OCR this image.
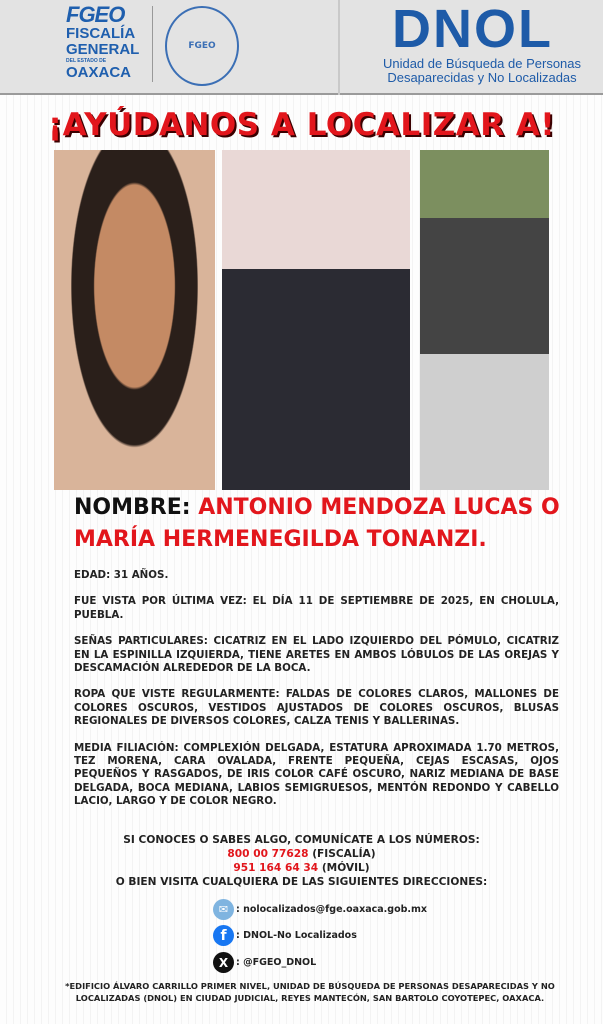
FGEO
FISCALÍA
GENERAL
DEL ESTADO DE
OAXACA
FGEO	DNOL
Unidad de Búsqueda de Personas
Desaparecidas y No Localizadas
¡AYÚDANOS A LOCALIZAR A!
NOMBRE: ANTONIO MENDOZA LUCAS O
MARÍA HERMENEGILDA TONANZI.

EDAD: 31 AÑOS.

FUE VISTA POR ÚLTIMA VEZ: EL DÍA 11 DE SEPTIEMBRE DE 2025, EN CHOLULA, PUEBLA.

SEÑAS PARTICULARES: CICATRIZ EN EL LADO IZQUIERDO DEL PÓMULO, CICATRIZ EN LA ESPINILLA IZQUIERDA, TIENE ARETES EN AMBOS LÓBULOS DE LAS OREJAS Y DESCAMACIÓN ALREDEDOR DE LA BOCA.

ROPA QUE VISTE REGULARMENTE: FALDAS DE COLORES CLAROS, MALLONES DE COLORES OSCUROS, VESTIDOS AJUSTADOS DE COLORES OSCUROS, BLUSAS REGIONALES DE DIVERSOS COLORES, CALZA TENIS Y BALLERINAS.

MEDIA FILIACIÓN: COMPLEXIÓN DELGADA, ESTATURA APROXIMADA 1.70 METROS, TEZ MORENA, CARA OVALADA, FRENTE PEQUEÑA, CEJAS ESCASAS, OJOS PEQUEÑOS Y RASGADOS, DE IRIS COLOR CAFÉ OSCURO, NARIZ MEDIANA DE BASE DELGADA, BOCA MEDIANA, LABIOS SEMIGRUESOS, MENTÓN REDONDO Y CABELLO LACIO, LARGO Y DE COLOR NEGRO.

SI CONOCES O SABES ALGO, COMUNÍCATE A LOS NÚMEROS:
800 00 77628 (FISCALÍA)
951 164 64 34 (MÓVIL)
O BIEN VISITA CUALQUIERA DE LAS SIGUIENTES DIRECCIONES:
✉ : nolocalizados@fge.oaxaca.gob.mx
f : DNOL-No Localizados
X : @FGEO_DNOL
*EDIFICIO ÁLVARO CARRILLO PRIMER NIVEL, UNIDAD DE BÚSQUEDA DE PERSONAS DESAPARECIDAS Y NO LOCALIZADAS (DNOL) EN CIUDAD JUDICIAL, REYES MANTECÓN, SAN BARTOLO COYOTEPEC, OAXACA.
